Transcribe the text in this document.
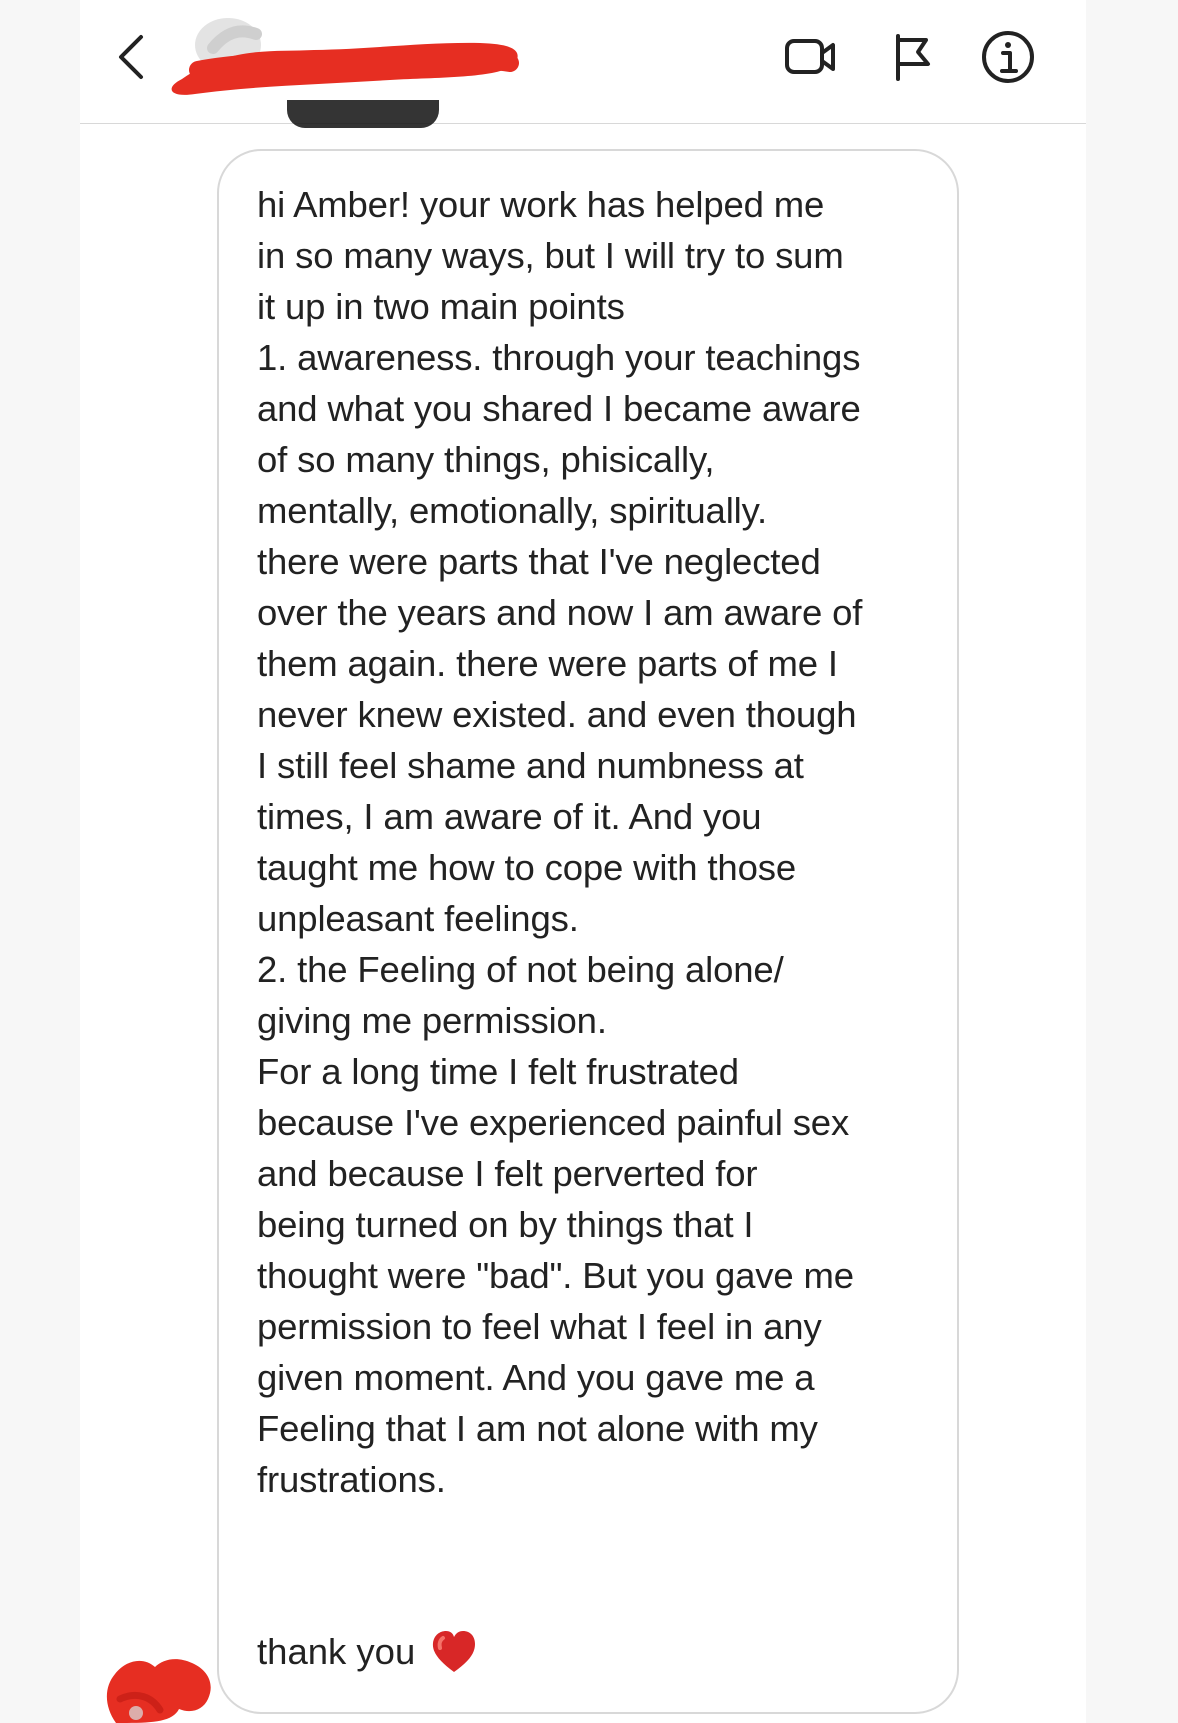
hi Amber! your work has helped me
in so many ways, but I will try to sum
it up in two main points
1. awareness. through your teachings
and what you shared I became aware
of so many things, phisically,
mentally, emotionally, spiritually.
there were parts that I've neglected
over the years and now I am aware of
them again. there were parts of me I
never knew existed. and even though
I still feel shame and numbness at
times, I am aware of it. And you
taught me how to cope with those
unpleasant feelings.
2. the Feeling of not being alone/
giving me permission.
For a long time I felt frustrated
because I've experienced painful sex
and because I felt perverted for
being turned on by things that I
thought were "bad". But you gave me
permission to feel what I feel in any
given moment. And you gave me a
Feeling that I am not alone with my
frustrations.
thank you
